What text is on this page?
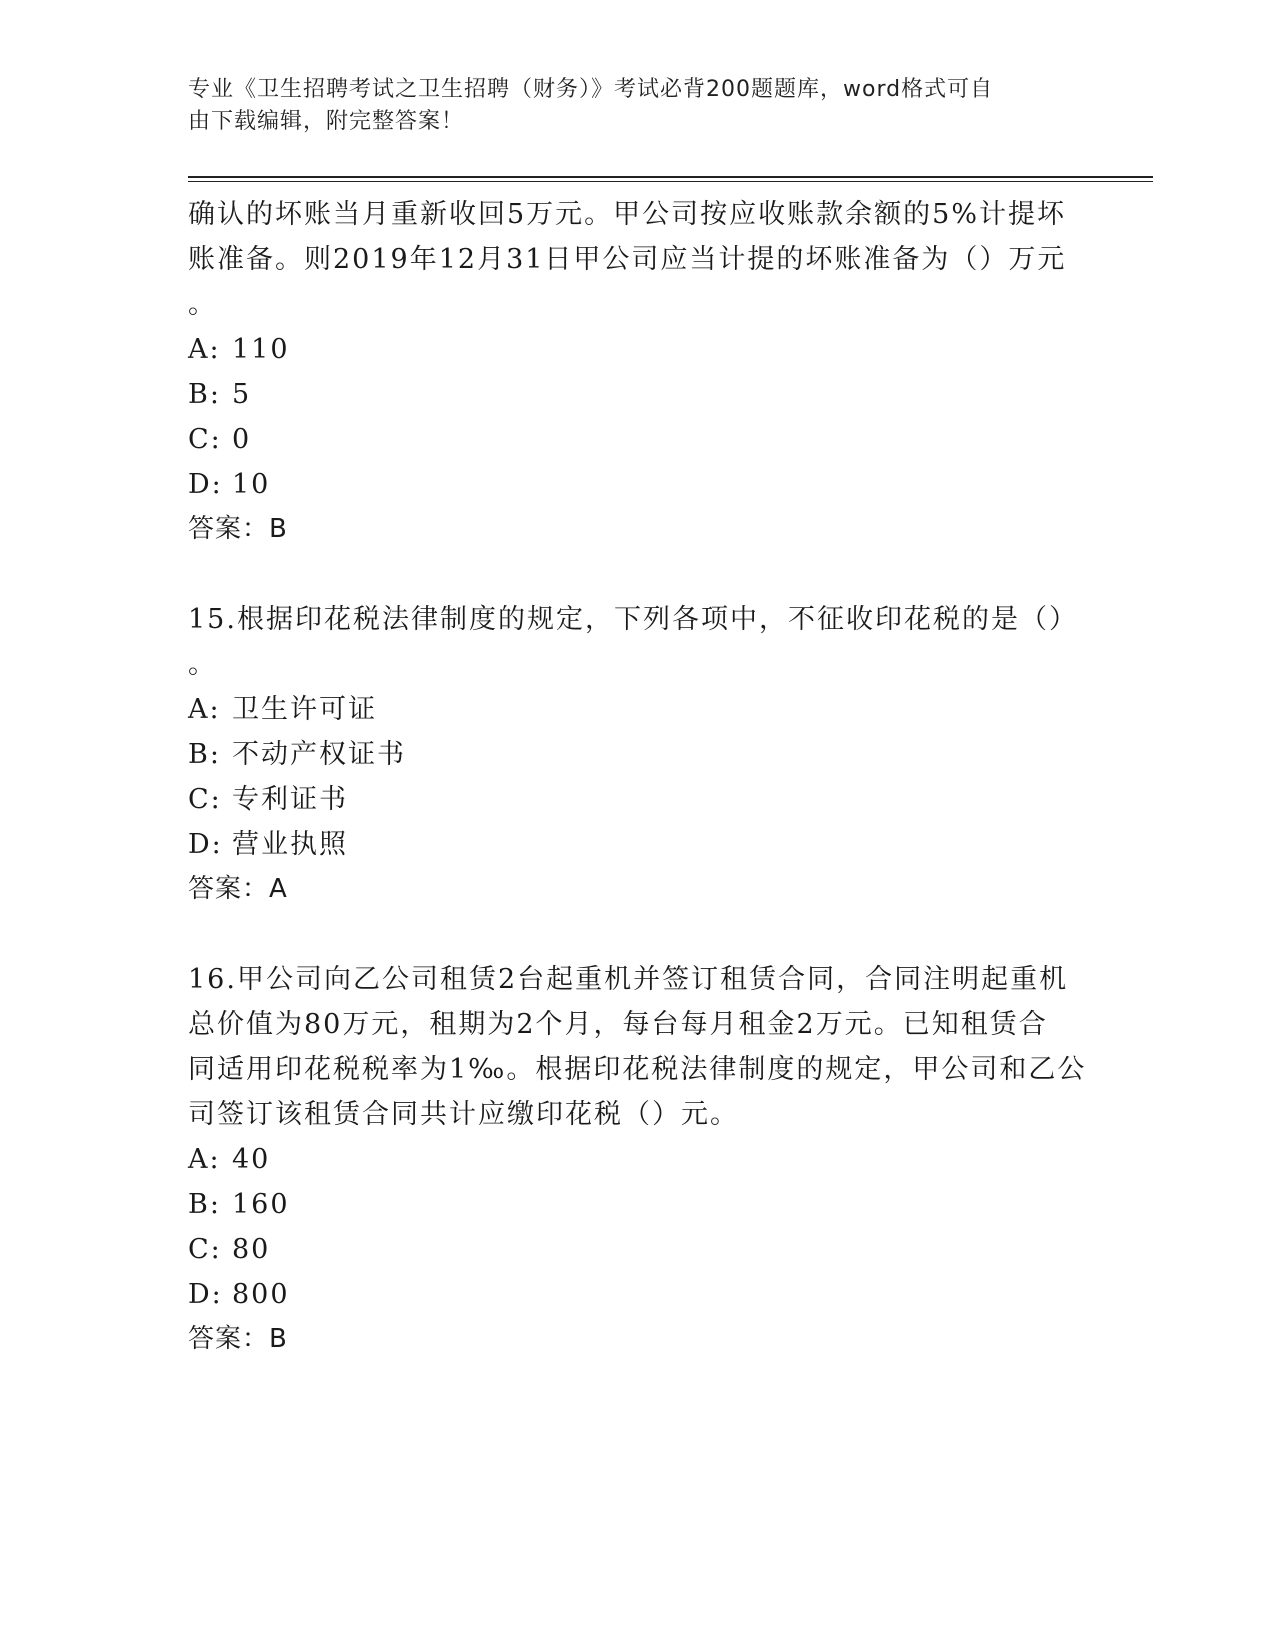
专业《卫生招聘考试之卫生招聘（财务）》考试必背200题题库，word格式可自
由下载编辑，附完整答案！

确认的坏账当月重新收回5万元。甲公司按应收账款余额的5%计提坏

账准备。则2019年12月31日甲公司应当计提的坏账准备为（）万元

。

A: 110
B: 5
C: 0
D: 10
答案：B

15.根据印花税法律制度的规定，下列各项中，不征收印花税的是（）

。

A: 卫生许可证
B: 不动产权证书
C: 专利证书
D: 营业执照
答案：A

16.甲公司向乙公司租赁2台起重机并签订租赁合同，合同注明起重机

总价值为80万元，租期为2个月，每台每月租金2万元。已知租赁合

同适用印花税税率为1‰。根据印花税法律制度的规定，甲公司和乙公

司签订该租赁合同共计应缴印花税（）元。

A: 40
B: 160
C: 80
D: 800
答案：B
